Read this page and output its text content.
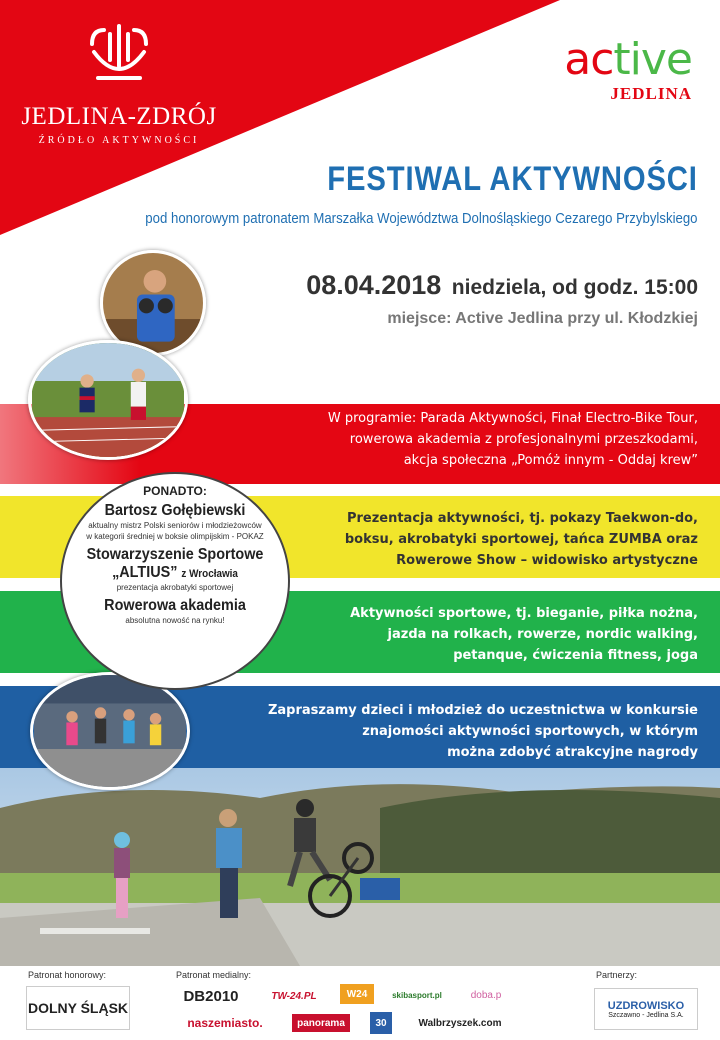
JEDLINA-ZDRÓJ
ŹRÓDŁO AKTYWNOŚCI
active
JEDLINA
FESTIWAL AKTYWNOŚCI
pod honorowym patronatem Marszałka Województwa Dolnośląskiego Cezarego Przybylskiego
08.04.2018 niedziela, od godz. 15:00
miejsce: Active Jedlina przy ul. Kłodzkiej
W programie: Parada Aktywności, Finał Electro-Bike Tour,
rowerowa akademia z profesjonalnymi przeszkodami,
akcja społeczna „Pomóż innym - Oddaj krew”
Prezentacja aktywności, tj. pokazy Taekwon-do,
boksu, akrobatyki sportowej, tańca ZUMBA oraz
Rowerowe Show – widowisko artystyczne
Aktywności sportowe, tj. bieganie, piłka nożna,
jazda na rolkach, rowerze, nordic walking,
petanque, ćwiczenia fitness, joga
Zapraszamy dzieci i młodzież do uczestnictwa w konkursie
znajomości aktywności sportowych, w którym
można zdobyć atrakcyjne nagrody
PONADTO:
Bartosz Gołębiewski
aktualny mistrz Polski seniorów i młodzieżowców
w kategorii średniej w boksie olimpijskim - POKAZ
Stowarzyszenie Sportowe
„ALTIUS” z Wrocławia
prezentacja akrobatyki sportowej
Rowerowa akademia
absolutna nowość na rynku!
Patronat honorowy:	Patronat medialny:	Partnerzy:
DOLNY ŚLĄSK
DB2010	TW-24.PL	W24	skibasport.pl	doba.p
naszemiasto.	panorama	30	Walbrzyszek.com
UZDROWISKO
Szczawno - Jedlina S.A.
